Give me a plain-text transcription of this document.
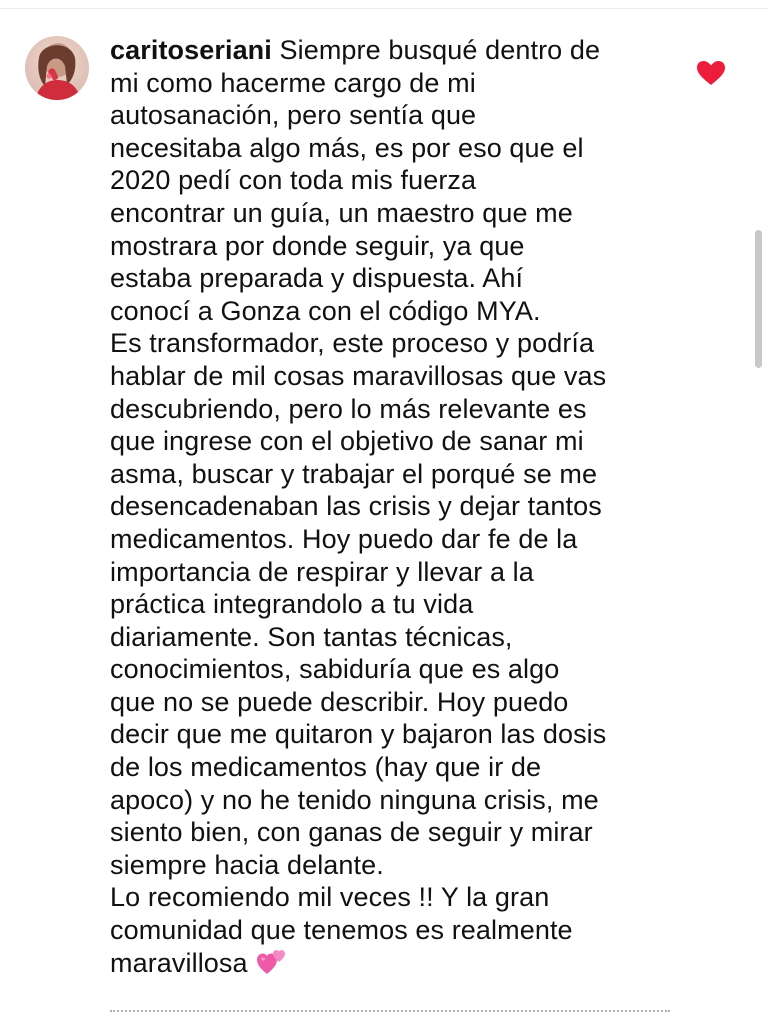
caritoseriani Siempre busqué dentro de
mi como hacerme cargo de mi
autosanación, pero sentía que
necesitaba algo más, es por eso que el
2020 pedí con toda mis fuerza
encontrar un guía, un maestro que me
mostrara por donde seguir, ya que
estaba preparada y dispuesta. Ahí
conocí a Gonza con el código MYA.

Es transformador, este proceso y podría
hablar de mil cosas maravillosas que vas
descubriendo, pero lo más relevante es
que ingrese con el objetivo de sanar mi
asma, buscar y trabajar el porqué se me
desencadenaban las crisis y dejar tantos
medicamentos. Hoy puedo dar fe de la
importancia de respirar y llevar a la
práctica integrandolo a tu vida
diariamente. Son tantas técnicas,
conocimientos, sabiduría que es algo
que no se puede describir. Hoy puedo
decir que me quitaron y bajaron las dosis
de los medicamentos (hay que ir de
apoco) y no he tenido ninguna crisis, me
siento bien, con ganas de seguir y mirar
siempre hacia delante.

Lo recomiendo mil veces !! Y la gran
comunidad que tenemos es realmente
maravillosa
